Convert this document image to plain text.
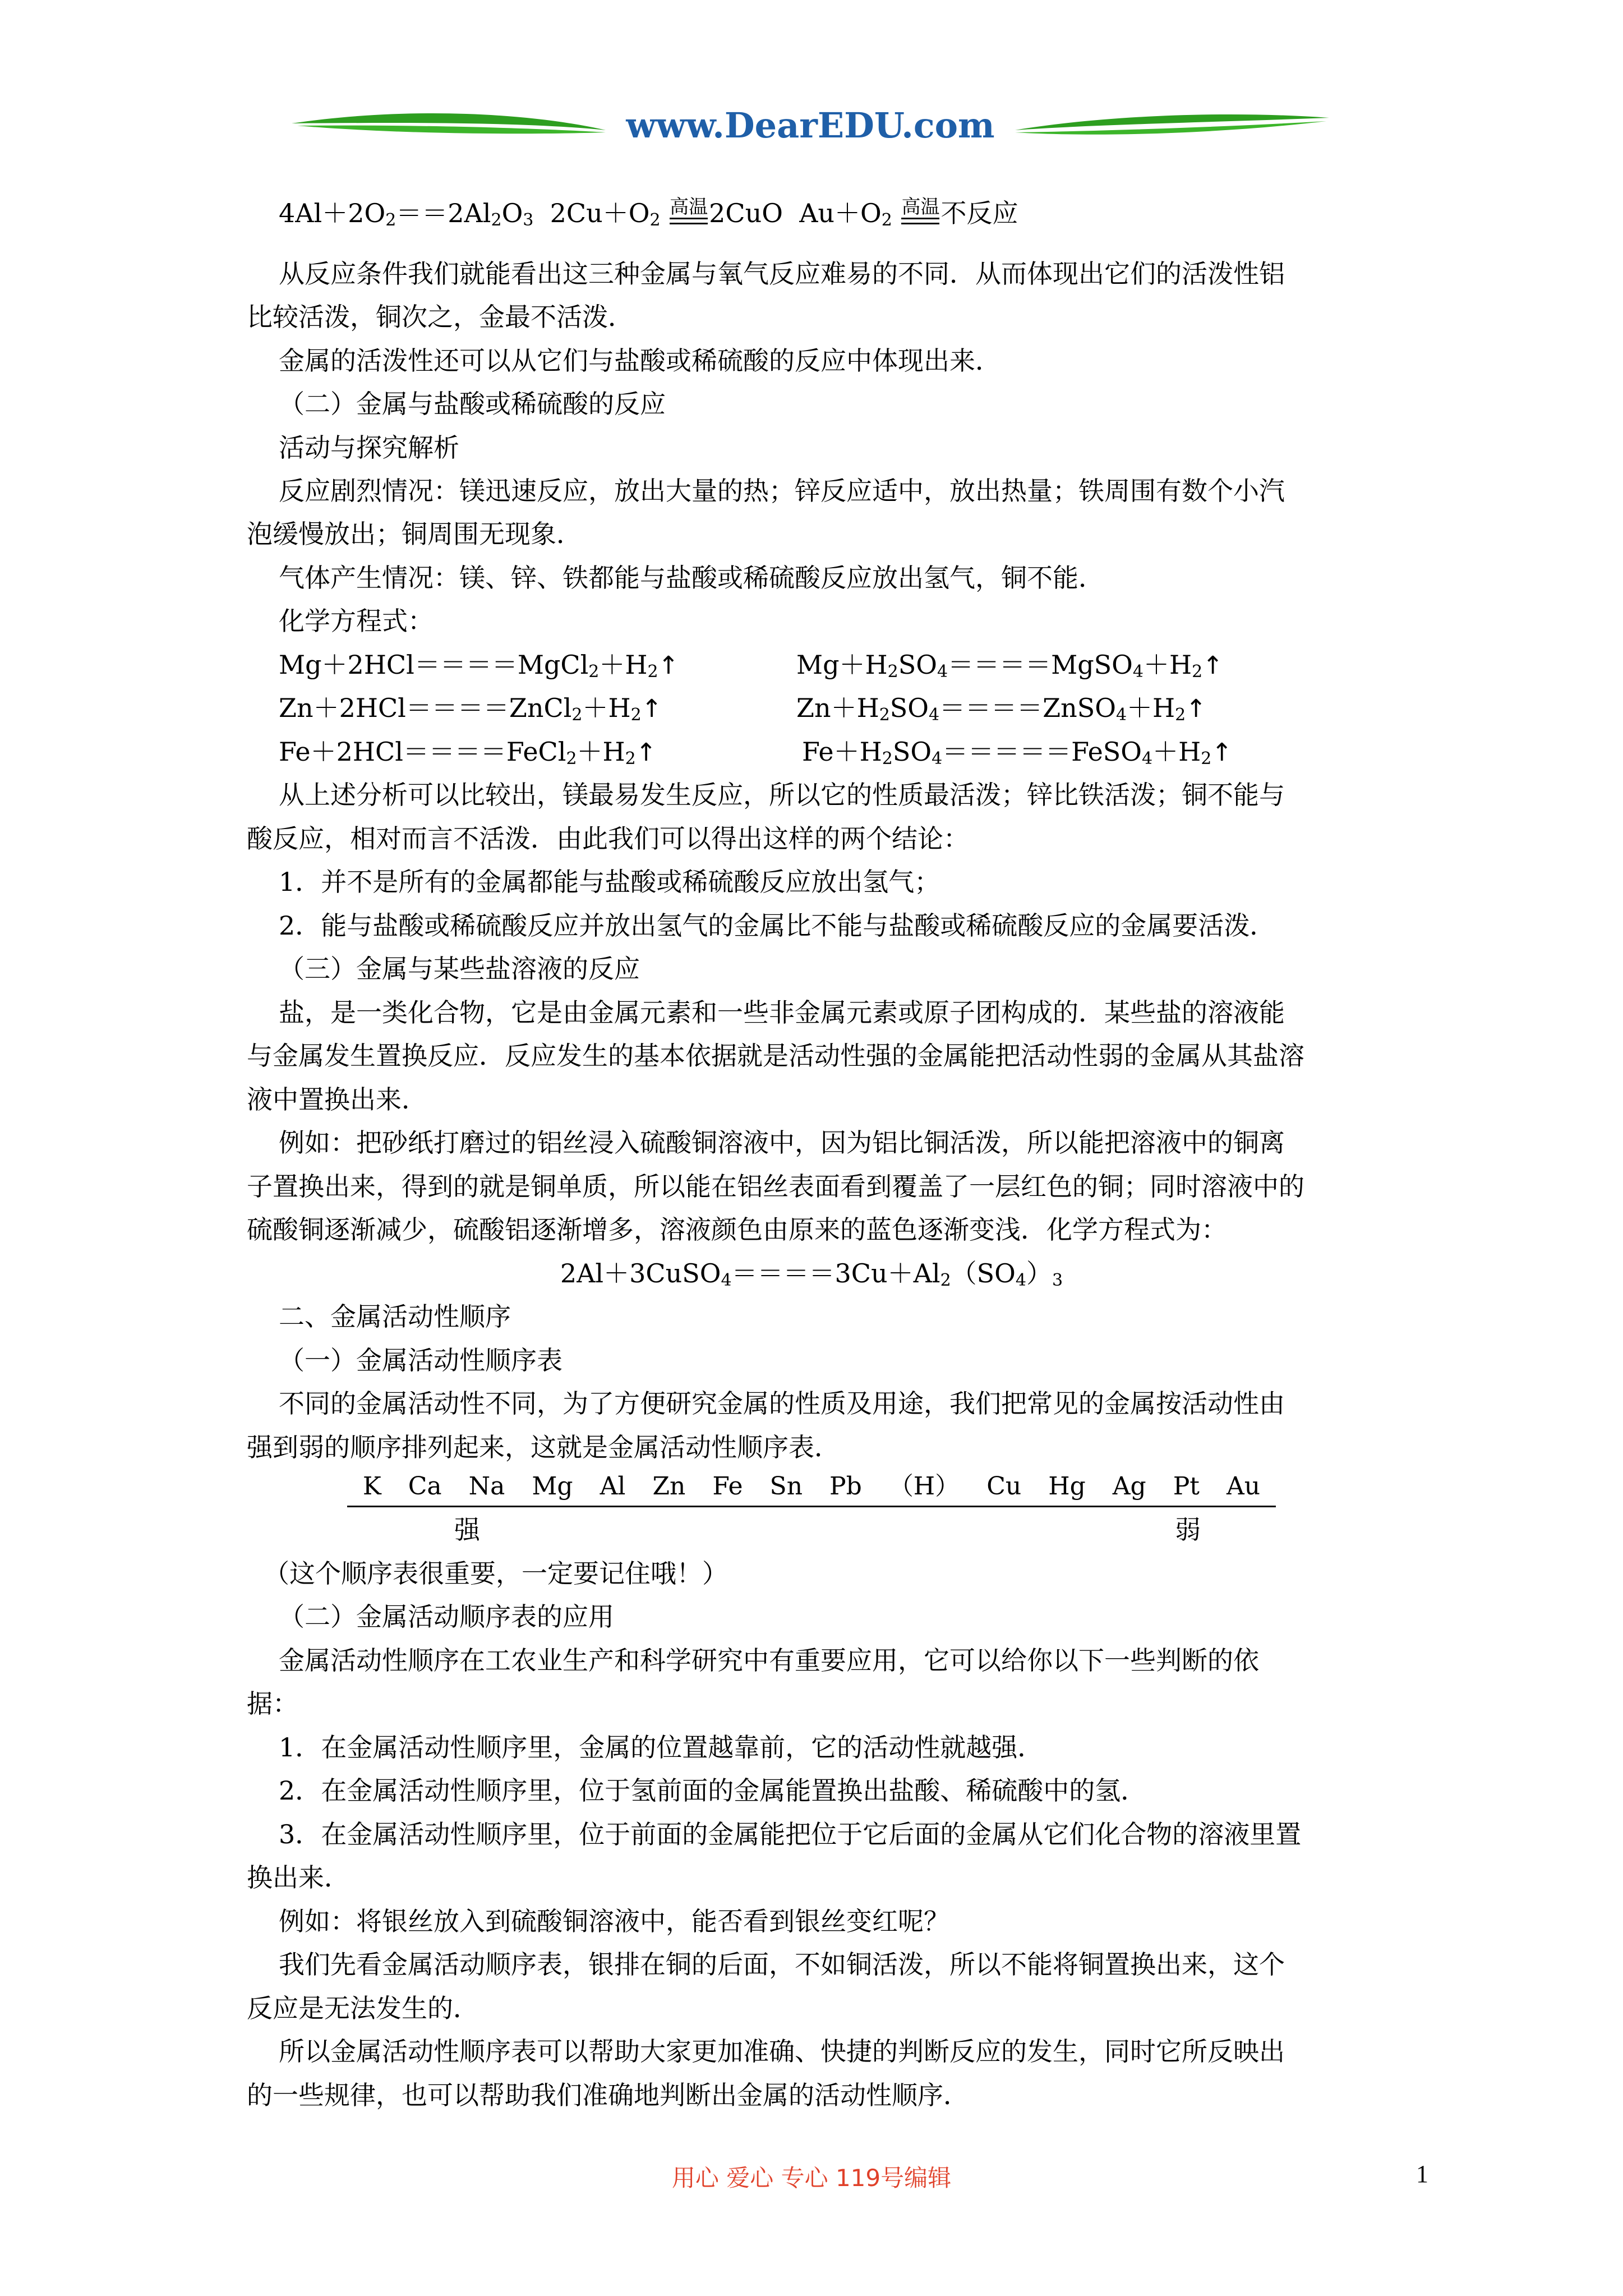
www.DearEDU.com
$4Al+2O_2==2Al_2O_3$  $2Cu+O_2$ 高温
2CuO  $Au+O_2$ 高温
不反应
从反应条件我们就能看出这三种金属与氧气反应难易的不同．从而体现出它们的活泼性铝
比较活泼，铜次之，金最不活泼．
金属的活泼性还可以从它们与盐酸或稀硫酸的反应中体现出来．
（二）金属与盐酸或稀硫酸的反应
活动与探究解析
反应剧烈情况：镁迅速反应，放出大量的热；锌反应适中，放出热量；铁周围有数个小汽
泡缓慢放出；铜周围无现象．
气体产生情况：镁、锌、铁都能与盐酸或稀硫酸反应放出氢气，铜不能．
化学方程式：
$Mg+2HCl====MgCl_2+H_2↑$	$Mg+H_2SO_4====MgSO_4+H_2↑$
$Zn+2HCl====ZnCl_2+H_2↑$	$Zn+H_2SO_4====ZnSO_4+H_2↑$
$Fe+2HCl====FeCl_2+H_2↑$	$Fe+H_2SO_4=====FeSO_4+H_2↑$
从上述分析可以比较出，镁最易发生反应，所以它的性质最活泼；锌比铁活泼；铜不能与
酸反应，相对而言不活泼．由此我们可以得出这样的两个结论：
1．并不是所有的金属都能与盐酸或稀硫酸反应放出氢气；
2．能与盐酸或稀硫酸反应并放出氢气的金属比不能与盐酸或稀硫酸反应的金属要活泼．
（三）金属与某些盐溶液的反应
盐，是一类化合物，它是由金属元素和一些非金属元素或原子团构成的．某些盐的溶液能
与金属发生置换反应．反应发生的基本依据就是活动性强的金属能把活动性弱的金属从其盐溶
液中置换出来．
例如：把砂纸打磨过的铝丝浸入硫酸铜溶液中，因为铝比铜活泼，所以能把溶液中的铜离
子置换出来，得到的就是铜单质，所以能在铝丝表面看到覆盖了一层红色的铜；同时溶液中的
硫酸铜逐渐减少，硫酸铝逐渐增多，溶液颜色由原来的蓝色逐渐变浅．化学方程式为：
$2Al+3CuSO_4====3Cu+Al_2(SO_4)_3$
二、金属活动性顺序
（一）金属活动性顺序表
不同的金属活动性不同，为了方便研究金属的性质及用途，我们把常见的金属按活动性由
强到弱的顺序排列起来，这就是金属活动性顺序表．
K Ca Na Mg Al Zn Fe Sn Pb （H） Cu Hg Ag Pt Au
强	弱
（这个顺序表很重要，一定要记住哦！）
（二）金属活动顺序表的应用
金属活动性顺序在工农业生产和科学研究中有重要应用，它可以给你以下一些判断的依
据：
1．在金属活动性顺序里，金属的位置越靠前，它的活动性就越强．
2．在金属活动性顺序里，位于氢前面的金属能置换出盐酸、稀硫酸中的氢．
3．在金属活动性顺序里，位于前面的金属能把位于它后面的金属从它们化合物的溶液里置
换出来．
例如：将银丝放入到硫酸铜溶液中，能否看到银丝变红呢？
我们先看金属活动顺序表，银排在铜的后面，不如铜活泼，所以不能将铜置换出来，这个
反应是无法发生的．
所以金属活动性顺序表可以帮助大家更加准确、快捷的判断反应的发生，同时它所反映出
的一些规律，也可以帮助我们准确地判断出金属的活动性顺序．
用心 爱心 专心 119号编辑	1
